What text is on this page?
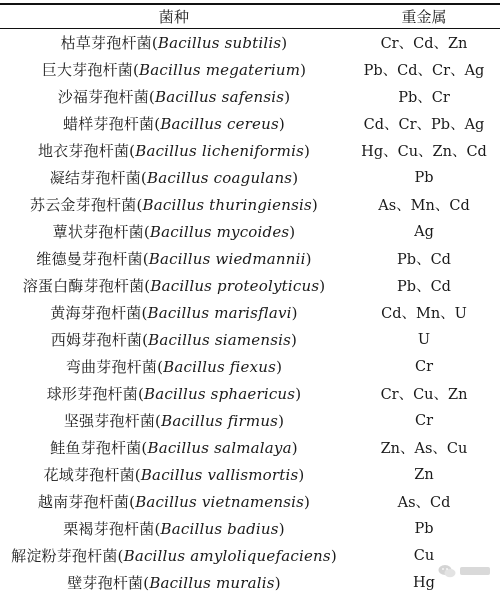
菌种	重金属
枯草芽孢杆菌(Bacillus subtilis)	Cr、Cd、Zn
巨大芽孢杆菌(Bacillus megaterium)	Pb、Cd、Cr、Ag
沙福芽孢杆菌(Bacillus safensis)	Pb、Cr
蜡样芽孢杆菌(Bacillus cereus)	Cd、Cr、Pb、Ag
地衣芽孢杆菌(Bacillus licheniformis)	Hg、Cu、Zn、Cd
凝结芽孢杆菌(Bacillus coagulans)	Pb
苏云金芽孢杆菌(Bacillus thuringiensis)	As、Mn、Cd
蕈状芽孢杆菌(Bacillus mycoides)	Ag
维德曼芽孢杆菌(Bacillus wiedmannii)	Pb、Cd
溶蛋白酶芽孢杆菌(Bacillus proteolyticus)	Pb、Cd
黄海芽孢杆菌(Bacillus marisflavi)	Cd、Mn、U
西姆芽孢杆菌(Bacillus siamensis)	U
弯曲芽孢杆菌(Bacillus fiexus)	Cr
球形芽孢杆菌(Bacillus sphaericus)	Cr、Cu、Zn
坚强芽孢杆菌(Bacillus firmus)	Cr
鲑鱼芽孢杆菌(Bacillus salmalaya)	Zn、As、Cu
花域芽孢杆菌(Bacillus vallismortis)	Zn
越南芽孢杆菌(Bacillus vietnamensis)	As、Cd
栗褐芽孢杆菌(Bacillus badius)	Pb
解淀粉芽孢杆菌(Bacillus amyloliquefaciens)	Cu
壁芽孢杆菌(Bacillus muralis)	Hg
